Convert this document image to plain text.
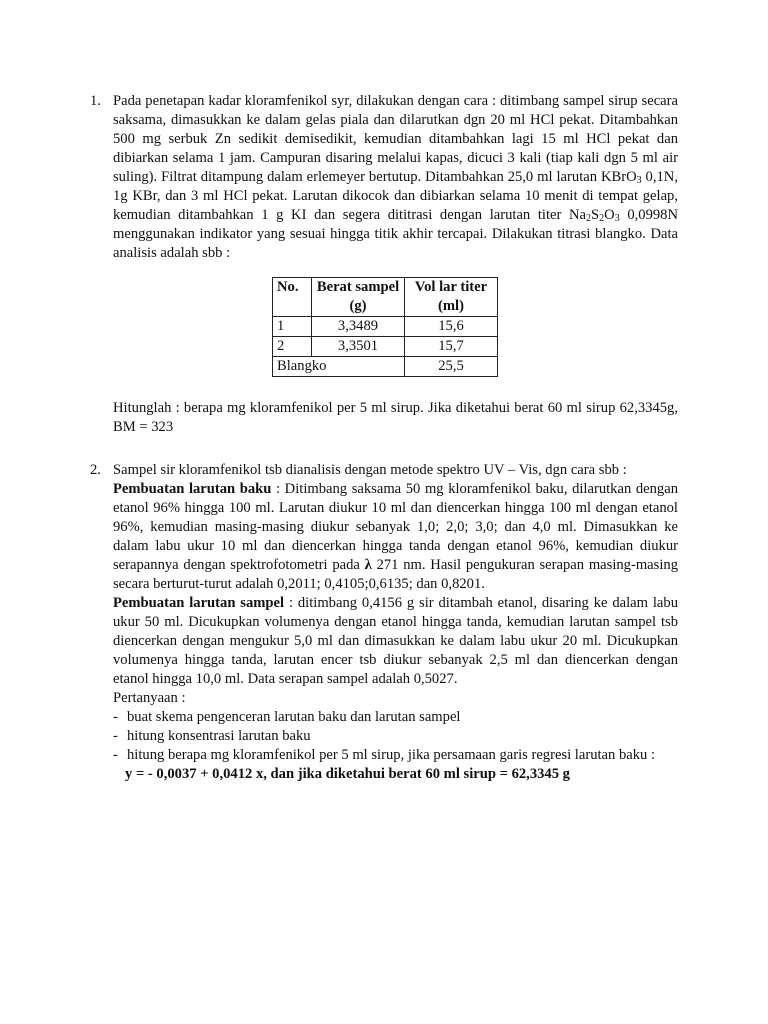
1. Pada penetapan kadar kloramfenikol syr, dilakukan dengan cara : ditimbang sampel sirup secara saksama, dimasukkan ke dalam gelas piala dan dilarutkan dgn 20 ml HCl pekat. Ditambahkan 500 mg serbuk Zn sedikit demisedikit, kemudian ditambahkan lagi 15 ml HCl pekat dan dibiarkan selama 1 jam. Campuran disaring melalui kapas, dicuci 3 kali (tiap kali dgn 5 ml air suling). Filtrat ditampung dalam erlemeyer bertutup. Ditambahkan 25,0 ml larutan KBrO$_3$ 0,1N, 1g KBr, dan 3 ml HCl pekat. Larutan dikocok dan dibiarkan selama 10 menit di tempat gelap, kemudian ditambahkan 1 g KI dan segera dititrasi dengan larutan titer $Na_2S_2O_3$ 0,0998N menggunakan indikator yang sesuai hingga titik akhir tercapai. Dilakukan titrasi blangko. Data analisis adalah sbb :

No.	Berat sampel (g)	Vol lar titer (ml)
1	3,3489	15,6
2	3,3501	15,7
Blangko		25,5

Hitunglah : berapa mg kloramfenikol per 5 ml sirup. Jika diketahui berat 60 ml sirup 62,3345g, BM = 323

2. Sampel sir kloramfenikol tsb dianalisis dengan metode spektro UV – Vis, dgn cara sbb :

Pembuatan larutan baku : Ditimbang saksama 50 mg kloramfenikol baku, dilarutkan dengan etanol 96% hingga 100 ml. Larutan diukur 10 ml dan diencerkan hingga 100 ml dengan etanol 96%, kemudian masing-masing diukur sebanyak 1,0; 2,0; 3,0; dan 4,0 ml. Dimasukkan ke dalam labu ukur 10 ml dan diencerkan hingga tanda dengan etanol 96%, kemudian diukur serapannya dengan spektrofotometri pada λ 271 nm. Hasil pengukuran serapan masing-masing secara berturut-turut adalah 0,2011; 0,4105;0,6135; dan 0,8201.

Pembuatan larutan sampel : ditimbang 0,4156 g sir ditambah etanol, disaring ke dalam labu ukur 50 ml. Dicukupkan volumenya dengan etanol hingga tanda, kemudian larutan sampel tsb diencerkan dengan mengukur 5,0 ml dan dimasukkan ke dalam labu ukur 20 ml. Dicukupkan volumenya hingga tanda, larutan encer tsb diukur sebanyak 2,5 ml dan diencerkan dengan etanol hingga 10,0 ml. Data serapan sampel adalah 0,5027.

Pertanyaan :

- buat skema pengenceran larutan baku dan larutan sampel
- hitung konsentrasi larutan baku
- hitung berapa mg kloramfenikol per 5 ml sirup, jika persamaan garis regresi larutan baku :

y = - 0,0037 + 0,0412 x, dan jika diketahui berat 60 ml sirup = 62,3345 g
